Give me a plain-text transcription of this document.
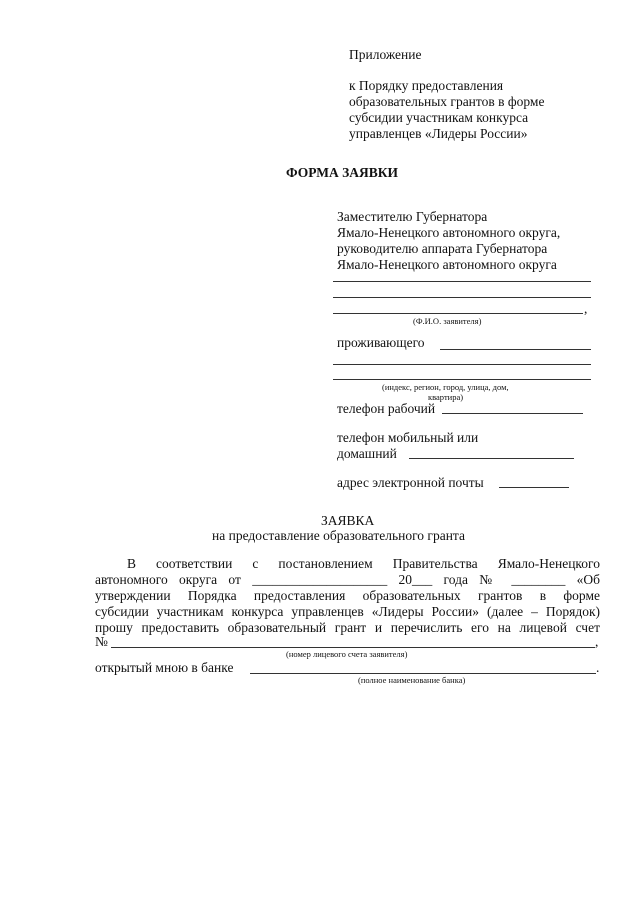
Приложение
к Порядку предоставления
образовательных грантов в форме
субсидии участникам конкурса
управленцев «Лидеры России»
ФОРМА ЗАЯВКИ
Заместителю Губернатора
Ямало-Ненецкого автономного округа,
руководителю аппарата Губернатора
Ямало-Ненецкого автономного округа
,
(Ф.И.О. заявителя)
проживающего
(индекс, регион, город, улица, дом,
квартира)
телефон рабочий
телефон мобильный или
домашний
адрес электронной почты
ЗАЯВКА
на предоставление образовательного гранта
В соответствии с постановлением Правительства Ямало-Ненецкого
автономного округа от ____________________ 20___ года № ________ «Об
утверждении Порядка предоставления образовательных грантов в форме
субсидии участникам конкурса управленцев «Лидеры России» (далее – Порядок)
прошу предоставить образовательный грант и перечислить его на лицевой счет
№	,
(номер лицевого счета заявителя)
открытый мною в банке	.
(полное наименование банка)
